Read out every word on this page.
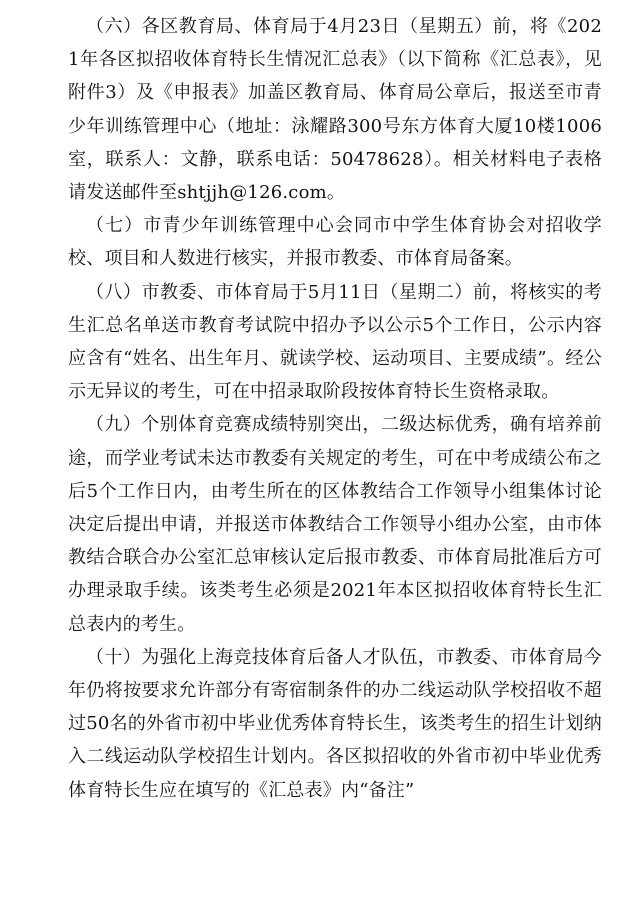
（六）各区教育局、体育局于4月23日（星期五）前，将《2021年各区拟招收体育特长生情况汇总表》（以下简称《汇总表》，见附件3）及《申报表》加盖区教育局、体育局公章后，报送至市青少年训练管理中心（地址：泳耀路300号东方体育大厦10楼1006室，联系人：文静，联系电话：50478628）。相关材料电子表格请发送邮件至shtjjh@126.com。

（七）市青少年训练管理中心会同市中学生体育协会对招收学校、项目和人数进行核实，并报市教委、市体育局备案。

（八）市教委、市体育局于5月11日（星期二）前，将核实的考生汇总名单送市教育考试院中招办予以公示5个工作日，公示内容应含有“姓名、出生年月、就读学校、运动项目、主要成绩”。经公示无异议的考生，可在中招录取阶段按体育特长生资格录取。

（九）个别体育竞赛成绩特别突出，二级达标优秀，确有培养前途，而学业考试未达市教委有关规定的考生，可在中考成绩公布之后5个工作日内，由考生所在的区体教结合工作领导小组集体讨论决定后提出申请，并报送市体教结合工作领导小组办公室，由市体教结合联合办公室汇总审核认定后报市教委、市体育局批准后方可办理录取手续。该类考生必须是2021年本区拟招收体育特长生汇总表内的考生。

（十）为强化上海竞技体育后备人才队伍，市教委、市体育局今年仍将按要求允许部分有寄宿制条件的办二线运动队学校招收不超过50名的外省市初中毕业优秀体育特长生，该类考生的招生计划纳入二线运动队学校招生计划内。各区拟招收的外省市初中毕业优秀体育特长生应在填写的《汇总表》内“备注”
